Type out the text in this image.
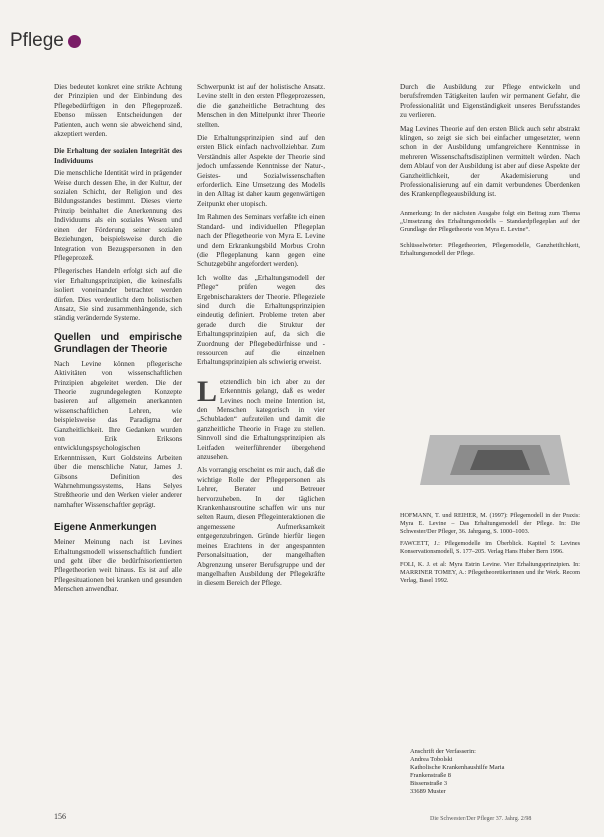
Pflege

Dies bedeutet konkret eine strikte Achtung der Prinzipien und der Einbindung des Pflegebedürftigen in den Pflegeprozeß. Ebenso müssen Entscheidungen der Patienten, auch wenn sie abweichend sind, akzeptiert werden.

Die Erhaltung der sozialen Integrität des Individuums

Die menschliche Identität wird in prägender Weise durch dessen Ehe, in der Kultur, der sozialen Schicht, der Religion und des Bildungsstandes bestimmt. Dieses vierte Prinzip beinhaltet die Anerkennung des Individuums als ein soziales Wesen und einen der Förderung seiner sozialen Beziehungen, beispielsweise durch die Integration von Bezugspersonen in den Pflegeprozeß.

Pflegerisches Handeln erfolgt sich auf die vier Erhaltungsprinzipien, die keinesfalls isoliert voneinander betrachtet werden dürfen. Dies verdeutlicht dem holistischen Ansatz, Sie sind zusammenhängende, sich ständig verändernde Systeme.

Quellen und empirische Grundlagen der Theorie

Nach Levine können pflegerische Aktivitäten von wissenschaftlichen Prinzipien abgeleitet werden. Die der Theorie zugrundegelegten Konzepte basieren auf allgemein anerkannten wissenschaftlichen Lehren, wie beispielsweise das Paradigma der Ganzheitlichkeit. Ihre Gedanken wurden von Erik Eriksons entwicklungspsychologischen Erkenntnissen, Kurt Goldsteins Arbeiten über die menschliche Natur, James J. Gibsons Definition des Wahrnehmungssystems, Hans Selyes Streßtheorie und den Werken vieler anderer namhafter Wissenschaftler geprägt.

Eigene Anmerkungen

Meiner Meinung nach ist Levines Erhaltungsmodell wissenschaftlich fundiert und geht über die bedürfnisorientierten Pflegetheorien weit hinaus. Es ist auf alle Pflegesituationen bei kranken und gesunden Menschen anwendbar.

Schwerpunkt ist auf der holistische Ansatz. Levine stellt in den ersten Pflegeprozessen, die die ganzheitliche Betrachtung des Menschen in den Mittelpunkt ihrer Theorie stellten.

Die Erhaltungsprinzipien sind auf den ersten Blick einfach nachvollziehbar. Zum Verständnis aller Aspekte der Theorie sind jedoch umfassende Kenntnisse der Natur-, Geistes- und Sozialwissenschaften erforderlich. Eine Umsetzung des Modells in den Alltag ist daher kaum gegenwärtigen Zeitpunkt eher utopisch.

Im Rahmen des Seminars verfaßte ich einen Standard- und individuellen Pflegeplan nach der Pflegetheorie von Myra E. Levine und dem Erkrankungsbild Morbus Crohn (die Pflegeplanung kann gegen eine Schutzgebühr angefordert werden).

Ich wollte das „Erhaltungsmodell der Pflege“ prüfen wegen des Ergebnischarakters der Theorie. Pflegeziele sind durch die Erhaltungsprinzipien eindeutig definiert. Probleme treten aber gerade durch die Struktur der Erhaltungsprinzipien auf, da sich die Zuordnung der Pflegebedürfnisse und -ressourcen auf die einzelnen Erhaltungsprinzipien als schwierig erweist.

L etztendlich bin ich aber zu der Erkenntnis gelangt, daß es weder Levines noch meine Intention ist, den Menschen kategorisch in vier „Schubladen“ aufzuteilen und damit die ganzheitliche Theorie in Frage zu stellen. Sinnvoll sind die Erhaltungsprinzipien als Leitfaden weiterführender übergehend anzusehen.

Als vorrangig erscheint es mir auch, daß die wichtige Rolle der Pflegepersonen als Lehrer, Berater und Betreuer hervorzuheben. In der täglichen Krankenhausroutine schaffen wir uns nur selten Raum, diesen Pflegeinteraktionen die angemessene Aufmerksamkeit entgegenzubringen. Gründe hierfür liegen meines Erachtens in der angespannten Personalsituation, der mangelhaften Abgrenzung unserer Berufsgruppe und der mangelhaften Ausbildung der Pflegekräfte in diesem Bereich der Pflege.

Durch die Ausbildung zur Pflege entwickeln und berufsfremden Tätigkeiten laufen wir permanent Gefahr, die Professionalität und Eigenständigkeit unseres Berufsstandes zu verlieren.

Mag Levines Theorie auf den ersten Blick auch sehr abstrakt klingen, so zeigt sie sich bei einfacher umgesetzter, wenn schon in der Ausbildung umfangreichere Kenntnisse in mehreren Wissenschaftsdisziplinen vermittelt würden. Nach dem Ablauf von der Ausbildung ist aber auf diese Aspekte der Ganzheitlichkeit, der Akademisierung und Professionalisierung auf ein damit verbundenes Überdenken des Krankenpflegeausbildung ist.

Anmerkung: In der nächsten Ausgabe folgt ein Beitrag zum Thema „Umsetzung des Erhaltungsmodells – Standardpflegeplan auf der Grundlage der Pflegetheorie von Myra E. Levine“.
Schlüsselwörter: Pflegetheorien, Pflegemodelle, Ganzheitlichkeit, Erhaltungsmodell der Pflege.

HOFMANN, T. und REIHER, M. (1997): Pflegemodell in der Praxis: Myra E. Levine – Das Erhaltungsmodell der Pflege. In: Die Schwester/Der Pfleger, 36. Jahrgang, S. 1000–1003.

FAWCETT, J.: Pflegemodelle im Überblick. Kapitel 5: Levines Konservationsmodell, S. 177–205. Verlag Hans Huber Bern 1996.

FOLI, K. J. et al: Myra Estrin Levine. Vier Erhaltungsprinzipien. In: MARRINER TOMEY, A.: Pflegetheoretikerinnen und ihr Werk. Recom Verlag, Basel 1992.

Anschrift der Verfasserin:
Andrea Tobolski
Katholische Krankenhaushilfe Maria
Frankenstraße 8
Bissenstraße 3
33689 Muster
156	Die Schwester/Der Pfleger 37. Jahrg. 2/98
